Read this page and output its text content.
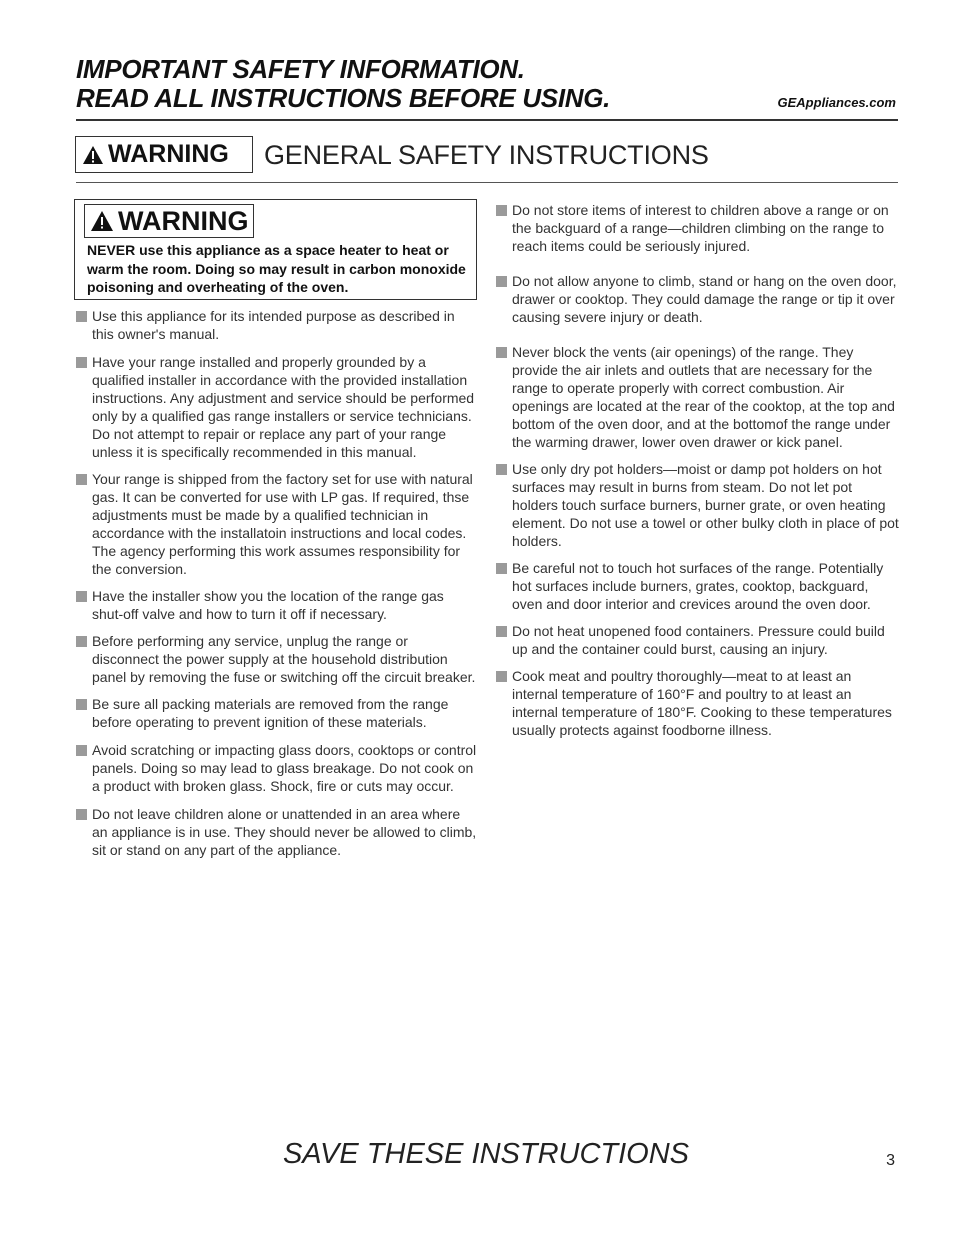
IMPORTANT SAFETY INFORMATION.
READ ALL INSTRUCTIONS BEFORE USING.	GEAppliances.com
WARNING GENERAL SAFETY INSTRUCTIONS
WARNING
NEVER use this appliance as a space heater to heat or warm the room. Doing so may result in carbon monoxide poisoning and overheating of the oven.
Use this appliance for its intended purpose as described in this owner's manual.
Have your range installed and properly grounded by a qualified installer in accordance with the provided installation instructions. Any adjustment and service should be performed only by a qualified gas range installers or service technicians. Do not attempt to repair or replace any part of your range unless it is specifically recommended in this manual.
Your range is shipped from the factory set for use with natural gas. It can be converted for use with LP gas. If required, thse adjustments must be made by a qualified technician in accordance with the installatoin instructions and local codes. The agency performing this work assumes responsibility for the conversion.
Have the installer show you the location of the range gas shut-off valve and how to turn it off if necessary.
Before performing any service, unplug the range or disconnect the power supply at the household distribution panel by removing the fuse or switching off the circuit breaker.
Be sure all packing materials are removed from the range before operating to prevent ignition of these materials.
Avoid scratching or impacting glass doors, cooktops or control panels. Doing so may lead to glass breakage. Do not cook on a product with broken glass. Shock, fire or cuts may occur.
Do not leave children alone or unattended in an area where an appliance is in use. They should never be allowed to climb, sit or stand on any part of the appliance.
Do not store items of interest to children above a range or on the backguard of a range—children climbing on the range to reach items could be seriously injured.
Do not allow anyone to climb, stand or hang on the oven door, drawer or cooktop. They could damage the range or tip it over causing severe injury or death.
Never block the vents (air openings) of the range. They provide the air inlets and outlets that are necessary for the range to operate properly with correct combustion. Air openings are located at the rear of the cooktop, at the top and bottom of the oven door, and at the bottomof the range under the warming drawer, lower oven drawer or kick panel.
Use only dry pot holders—moist or damp pot holders on hot surfaces may result in burns from steam. Do not let pot holders touch surface burners, burner grate, or oven heating element. Do not use a towel or other bulky cloth in place of pot holders.
Be careful not to touch hot surfaces of the range. Potentially hot surfaces include burners, grates, cooktop, backguard, oven and door interior and crevices around the oven door.
Do not heat unopened food containers. Pressure could build up and the container could burst, causing an injury.
Cook meat and poultry thoroughly—meat to at least an internal temperature of 160°F and poultry to at least an internal temperature of 180°F. Cooking to these temperatures usually protects against foodborne illness.
SAVE THESE INSTRUCTIONS	3
